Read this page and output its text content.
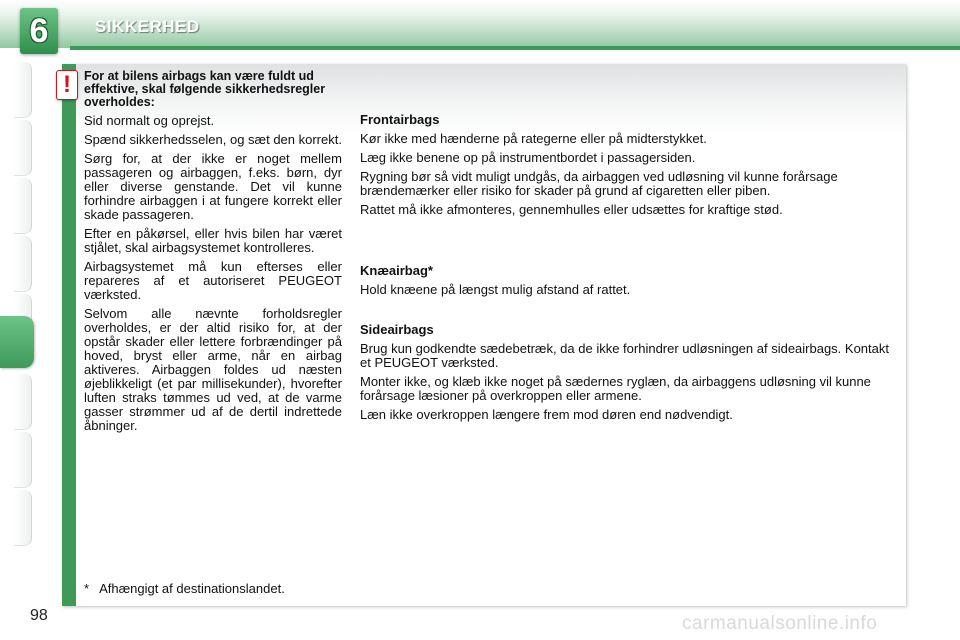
6	SIKKERHED
! For at bilens airbags kan være fuldt ud effektive, skal følgende sikkerhedsregler overholdes:

Sid normalt og oprejst.

Spænd sikkerhedsselen, og sæt den korrekt.

Sørg for, at der ikke er noget mellem passageren og airbaggen, f.eks. børn, dyr eller diverse genstande. Det vil kunne forhindre airbaggen i at fungere korrekt eller skade passageren.

Efter en påkørsel, eller hvis bilen har været stjålet, skal airbagsystemet kontrolleres.

Airbagsystemet må kun efterses eller repareres af et autoriseret PEUGEOT værksted.

Selvom alle nævnte forholdsregler overholdes, er der altid risiko for, at der opstår skader eller lettere forbrændinger på hoved, bryst eller arme, når en airbag aktiveres. Airbaggen foldes ud næsten øjeblikkeligt (et par millisekunder), hvorefter luften straks tømmes ud ved, at de varme gasser strømmer ud af de dertil indrettede åbninger.

Frontairbags

Kør ikke med hænderne på rategerne eller på midterstykket.

Læg ikke benene op på instrumentbordet i passagersiden.

Rygning bør så vidt muligt undgås, da airbaggen ved udløsning vil kunne forårsage brændemærker eller risiko for skader på grund af cigaretten eller piben.

Rattet må ikke afmonteres, gennemhulles eller udsættes for kraftige stød.

Knæairbag*

Hold knæene på længst mulig afstand af rattet.

Sideairbags

Brug kun godkendte sædebetræk, da de ikke forhindrer udløsningen af sideairbags. Kontakt et PEUGEOT værksted.

Monter ikke, og klæb ikke noget på sædernes ryglæn, da airbaggens udløsning vil kunne forårsage læsioner på overkroppen eller armene.

Læn ikke overkroppen længere frem mod døren end nødvendigt.

* Afhængigt af destinationslandet.
98	carmanualsonline.info
